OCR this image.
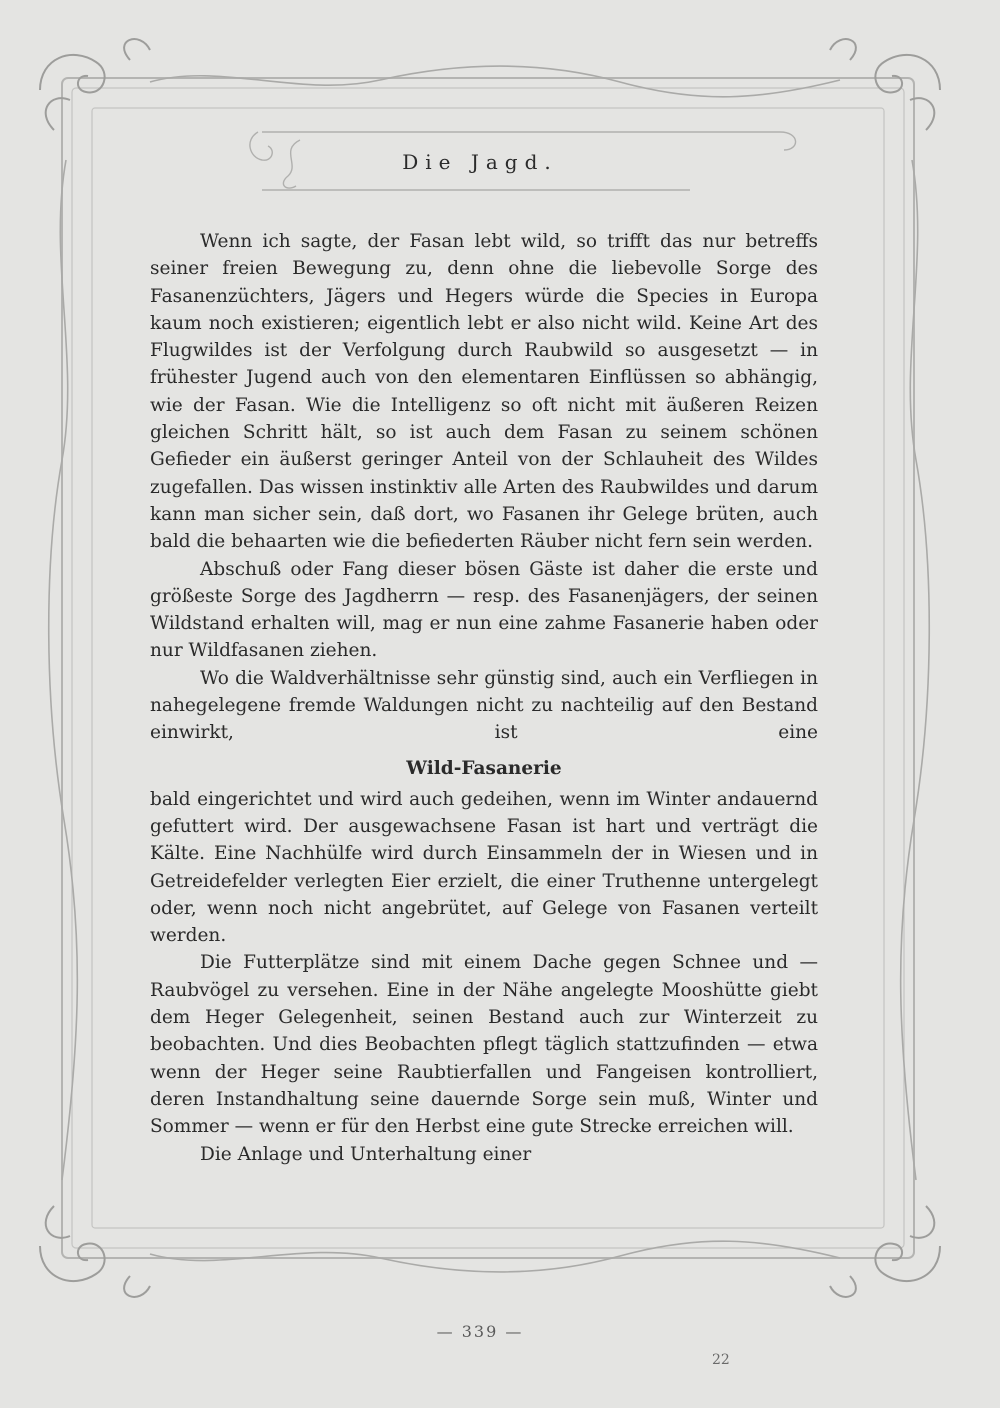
Die Jagd.

Wenn ich sagte, der Fasan lebt wild, so trifft das nur betreffs seiner freien Bewegung zu, denn ohne die liebevolle Sorge des Fasanenzüchters, Jägers und Hegers würde die Species in Europa kaum noch existieren; eigentlich lebt er also nicht wild. Keine Art des Flugwildes ist der Verfolgung durch Raubwild so ausgesetzt — in frühester Jugend auch von den elementaren Einflüssen so abhängig, wie der Fasan. Wie die Intelligenz so oft nicht mit äußeren Reizen gleichen Schritt hält, so ist auch dem Fasan zu seinem schönen Gefieder ein äußerst geringer Anteil von der Schlauheit des Wildes zugefallen. Das wissen instinktiv alle Arten des Raubwildes und darum kann man sicher sein, daß dort, wo Fasanen ihr Gelege brüten, auch bald die behaarten wie die befiederten Räuber nicht fern sein werden.

Abschuß oder Fang dieser bösen Gäste ist daher die erste und größeste Sorge des Jagdherrn — resp. des Fasanenjägers, der seinen Wildstand erhalten will, mag er nun eine zahme Fasanerie haben oder nur Wildfasanen ziehen.

Wo die Waldverhältnisse sehr günstig sind, auch ein Verfliegen in nahegelegene fremde Waldungen nicht zu nachteilig auf den Bestand einwirkt, ist eine

Wild-Fasanerie

bald eingerichtet und wird auch gedeihen, wenn im Winter andauernd gefuttert wird. Der ausgewachsene Fasan ist hart und verträgt die Kälte. Eine Nachhülfe wird durch Einsammeln der in Wiesen und in Getreidefelder verlegten Eier erzielt, die einer Truthenne untergelegt oder, wenn noch nicht angebrütet, auf Gelege von Fasanen verteilt werden.

Die Futterplätze sind mit einem Dache gegen Schnee und — Raubvögel zu versehen. Eine in der Nähe angelegte Mooshütte giebt dem Heger Gelegenheit, seinen Bestand auch zur Winterzeit zu beobachten. Und dies Beobachten pflegt täglich stattzufinden — etwa wenn der Heger seine Raubtierfallen und Fangeisen kontrolliert, deren Instandhaltung seine dauernde Sorge sein muß, Winter und Sommer — wenn er für den Herbst eine gute Strecke erreichen will.

Die Anlage und Unterhaltung einer

— 339 —
22
